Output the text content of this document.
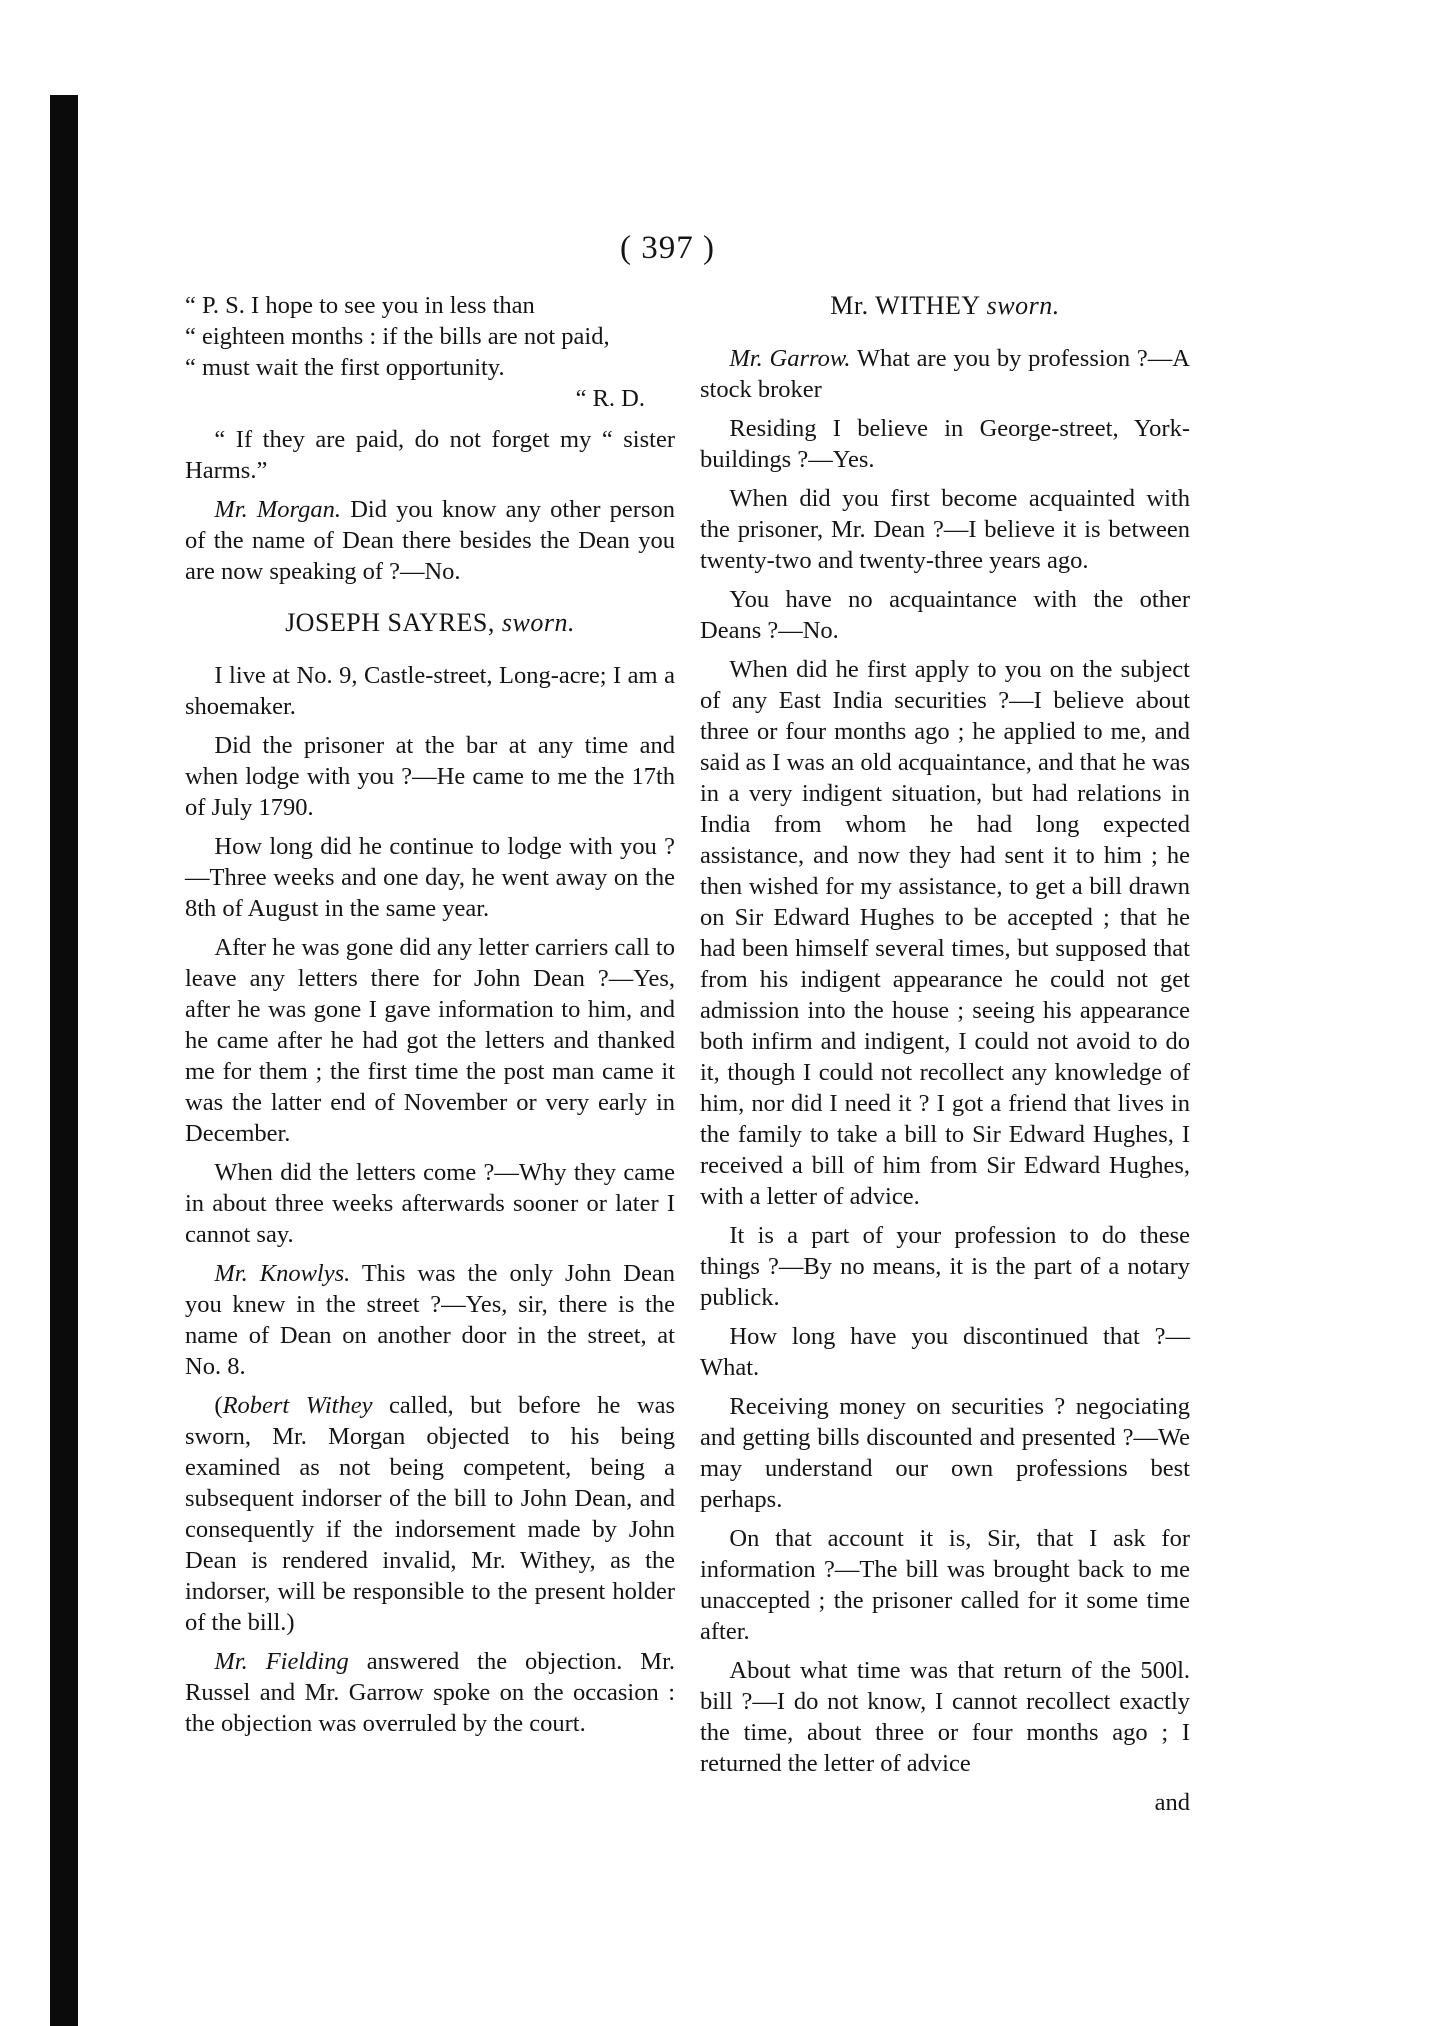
( 397 )

“ P. S. I hope to see you in less than

“ eighteen months : if the bills are not paid,

“ must wait the first opportunity.

“ R. D.

“ If they are paid, do not forget my “ sister Harms.”

Mr. Morgan. Did you know any other person of the name of Dean there besides the Dean you are now speaking of ?—No.

JOSEPH SAYRES, sworn.

I live at No. 9, Castle-street, Long-acre; I am a shoemaker.

Did the prisoner at the bar at any time and when lodge with you ?—He came to me the 17th of July 1790.

How long did he continue to lodge with you ?—Three weeks and one day, he went away on the 8th of August in the same year.

After he was gone did any letter carriers call to leave any letters there for John Dean ?—Yes, after he was gone I gave information to him, and he came after he had got the letters and thanked me for them ; the first time the post man came it was the latter end of November or very early in December.

When did the letters come ?—Why they came in about three weeks afterwards sooner or later I cannot say.

Mr. Knowlys. This was the only John Dean you knew in the street ?—Yes, sir, there is the name of Dean on another door in the street, at No. 8.

(Robert Withey called, but before he was sworn, Mr. Morgan objected to his being examined as not being competent, being a subsequent indorser of the bill to John Dean, and consequently if the indorsement made by John Dean is rendered invalid, Mr. Withey, as the indorser, will be responsible to the present holder of the bill.)

Mr. Fielding answered the objection. Mr. Russel and Mr. Garrow spoke on the occasion : the objection was overruled by the court.

Mr. WITHEY sworn.

Mr. Garrow. What are you by profession ?—A stock broker

Residing I believe in George-street, York-buildings ?—Yes.

When did you first become acquainted with the prisoner, Mr. Dean ?—I believe it is between twenty-two and twenty-three years ago.

You have no acquaintance with the other Deans ?—No.

When did he first apply to you on the subject of any East India securities ?—I believe about three or four months ago ; he applied to me, and said as I was an old acquaintance, and that he was in a very indigent situation, but had relations in India from whom he had long expected assistance, and now they had sent it to him ; he then wished for my assistance, to get a bill drawn on Sir Edward Hughes to be accepted ; that he had been himself several times, but supposed that from his indigent appearance he could not get admission into the house ; seeing his appearance both infirm and indigent, I could not avoid to do it, though I could not recollect any knowledge of him, nor did I need it ? I got a friend that lives in the family to take a bill to Sir Edward Hughes, I received a bill of him from Sir Edward Hughes, with a letter of advice.

It is a part of your profession to do these things ?—By no means, it is the part of a notary publick.

How long have you discontinued that ?—What.

Receiving money on securities ? negociating and getting bills discounted and presented ?—We may understand our own professions best perhaps.

On that account it is, Sir, that I ask for information ?—The bill was brought back to me unaccepted ; the prisoner called for it some time after.

About what time was that return of the 500l. bill ?—I do not know, I cannot recollect exactly the time, about three or four months ago ; I returned the letter of advice

and
